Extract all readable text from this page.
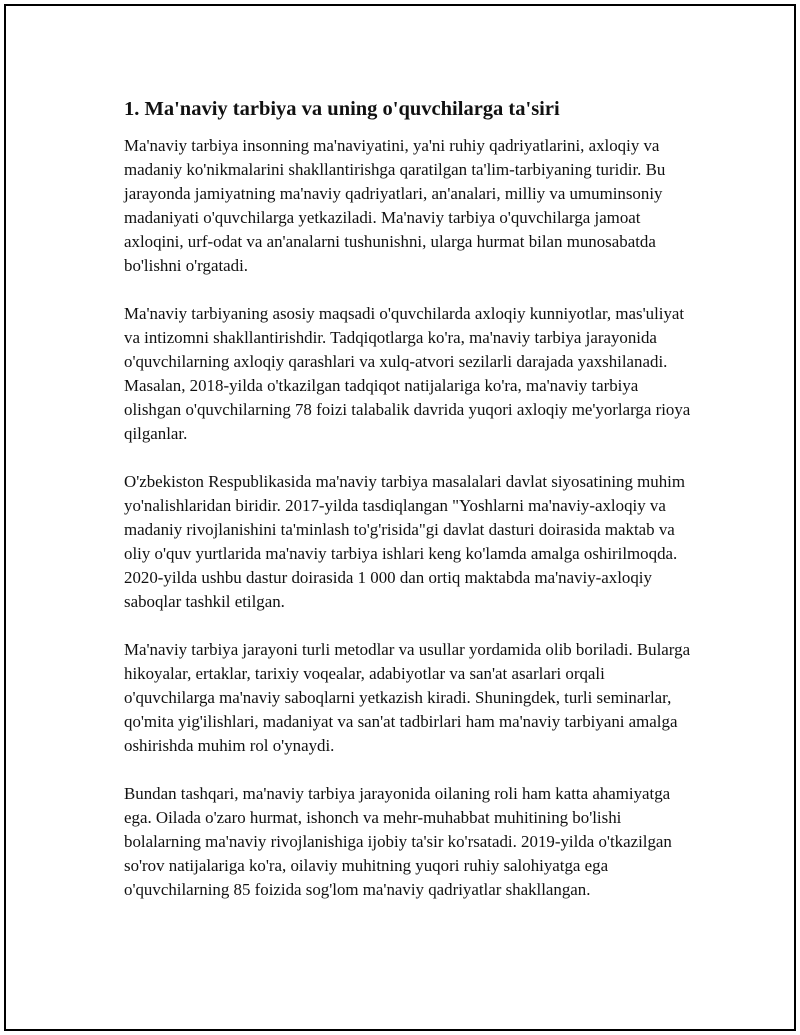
1. Ma'naviy tarbiya va uning o'quvchilarga ta'siri

Ma'naviy tarbiya insonning ma'naviyatini, ya'ni ruhiy qadriyatlarini, axloqiy va madaniy ko'nikmalarini shakllantirishga qaratilgan ta'lim-tarbiyaning turidir. Bu jarayonda jamiyatning ma'naviy qadriyatlari, an'analari, milliy va umuminsoniy madaniyati o'quvchilarga yetkaziladi. Ma'naviy tarbiya o'quvchilarga jamoat axloqini, urf-odat va an'analarni tushunishni, ularga hurmat bilan munosabatda bo'lishni o'rgatadi.

Ma'naviy tarbiyaning asosiy maqsadi o'quvchilarda axloqiy kunniyotlar, mas'uliyat va intizomni shakllantirishdir. Tadqiqotlarga ko'ra, ma'naviy tarbiya jarayonida o'quvchilarning axloqiy qarashlari va xulq-atvori sezilarli darajada yaxshilanadi. Masalan, 2018-yilda o'tkazilgan tadqiqot natijalariga ko'ra, ma'naviy tarbiya olishgan o'quvchilarning 78 foizi talabalik davrida yuqori axloqiy me'yorlarga rioya qilganlar.

O'zbekiston Respublikasida ma'naviy tarbiya masalalari davlat siyosatining muhim yo'nalishlaridan biridir. 2017-yilda tasdiqlangan "Yoshlarni ma'naviy-axloqiy va madaniy rivojlanishini ta'minlash to'g'risida"gi davlat dasturi doirasida maktab va oliy o'quv yurtlarida ma'naviy tarbiya ishlari keng ko'lamda amalga oshirilmoqda. 2020-yilda ushbu dastur doirasida 1 000 dan ortiq maktabda ma'naviy-axloqiy saboqlar tashkil etilgan.

Ma'naviy tarbiya jarayoni turli metodlar va usullar yordamida olib boriladi. Bularga hikoyalar, ertaklar, tarixiy voqealar, adabiyotlar va san'at asarlari orqali o'quvchilarga ma'naviy saboqlarni yetkazish kiradi. Shuningdek, turli seminarlar, qo'mita yig'ilishlari, madaniyat va san'at tadbirlari ham ma'naviy tarbiyani amalga oshirishda muhim rol o'ynaydi.

Bundan tashqari, ma'naviy tarbiya jarayonida oilaning roli ham katta ahamiyatga ega. Oilada o'zaro hurmat, ishonch va mehr-muhabbat muhitining bo'lishi bolalarning ma'naviy rivojlanishiga ijobiy ta'sir ko'rsatadi. 2019-yilda o'tkazilgan so'rov natijalariga ko'ra, oilaviy muhitning yuqori ruhiy salohiyatga ega o'quvchilarning 85 foizida sog'lom ma'naviy qadriyatlar shakllangan.
